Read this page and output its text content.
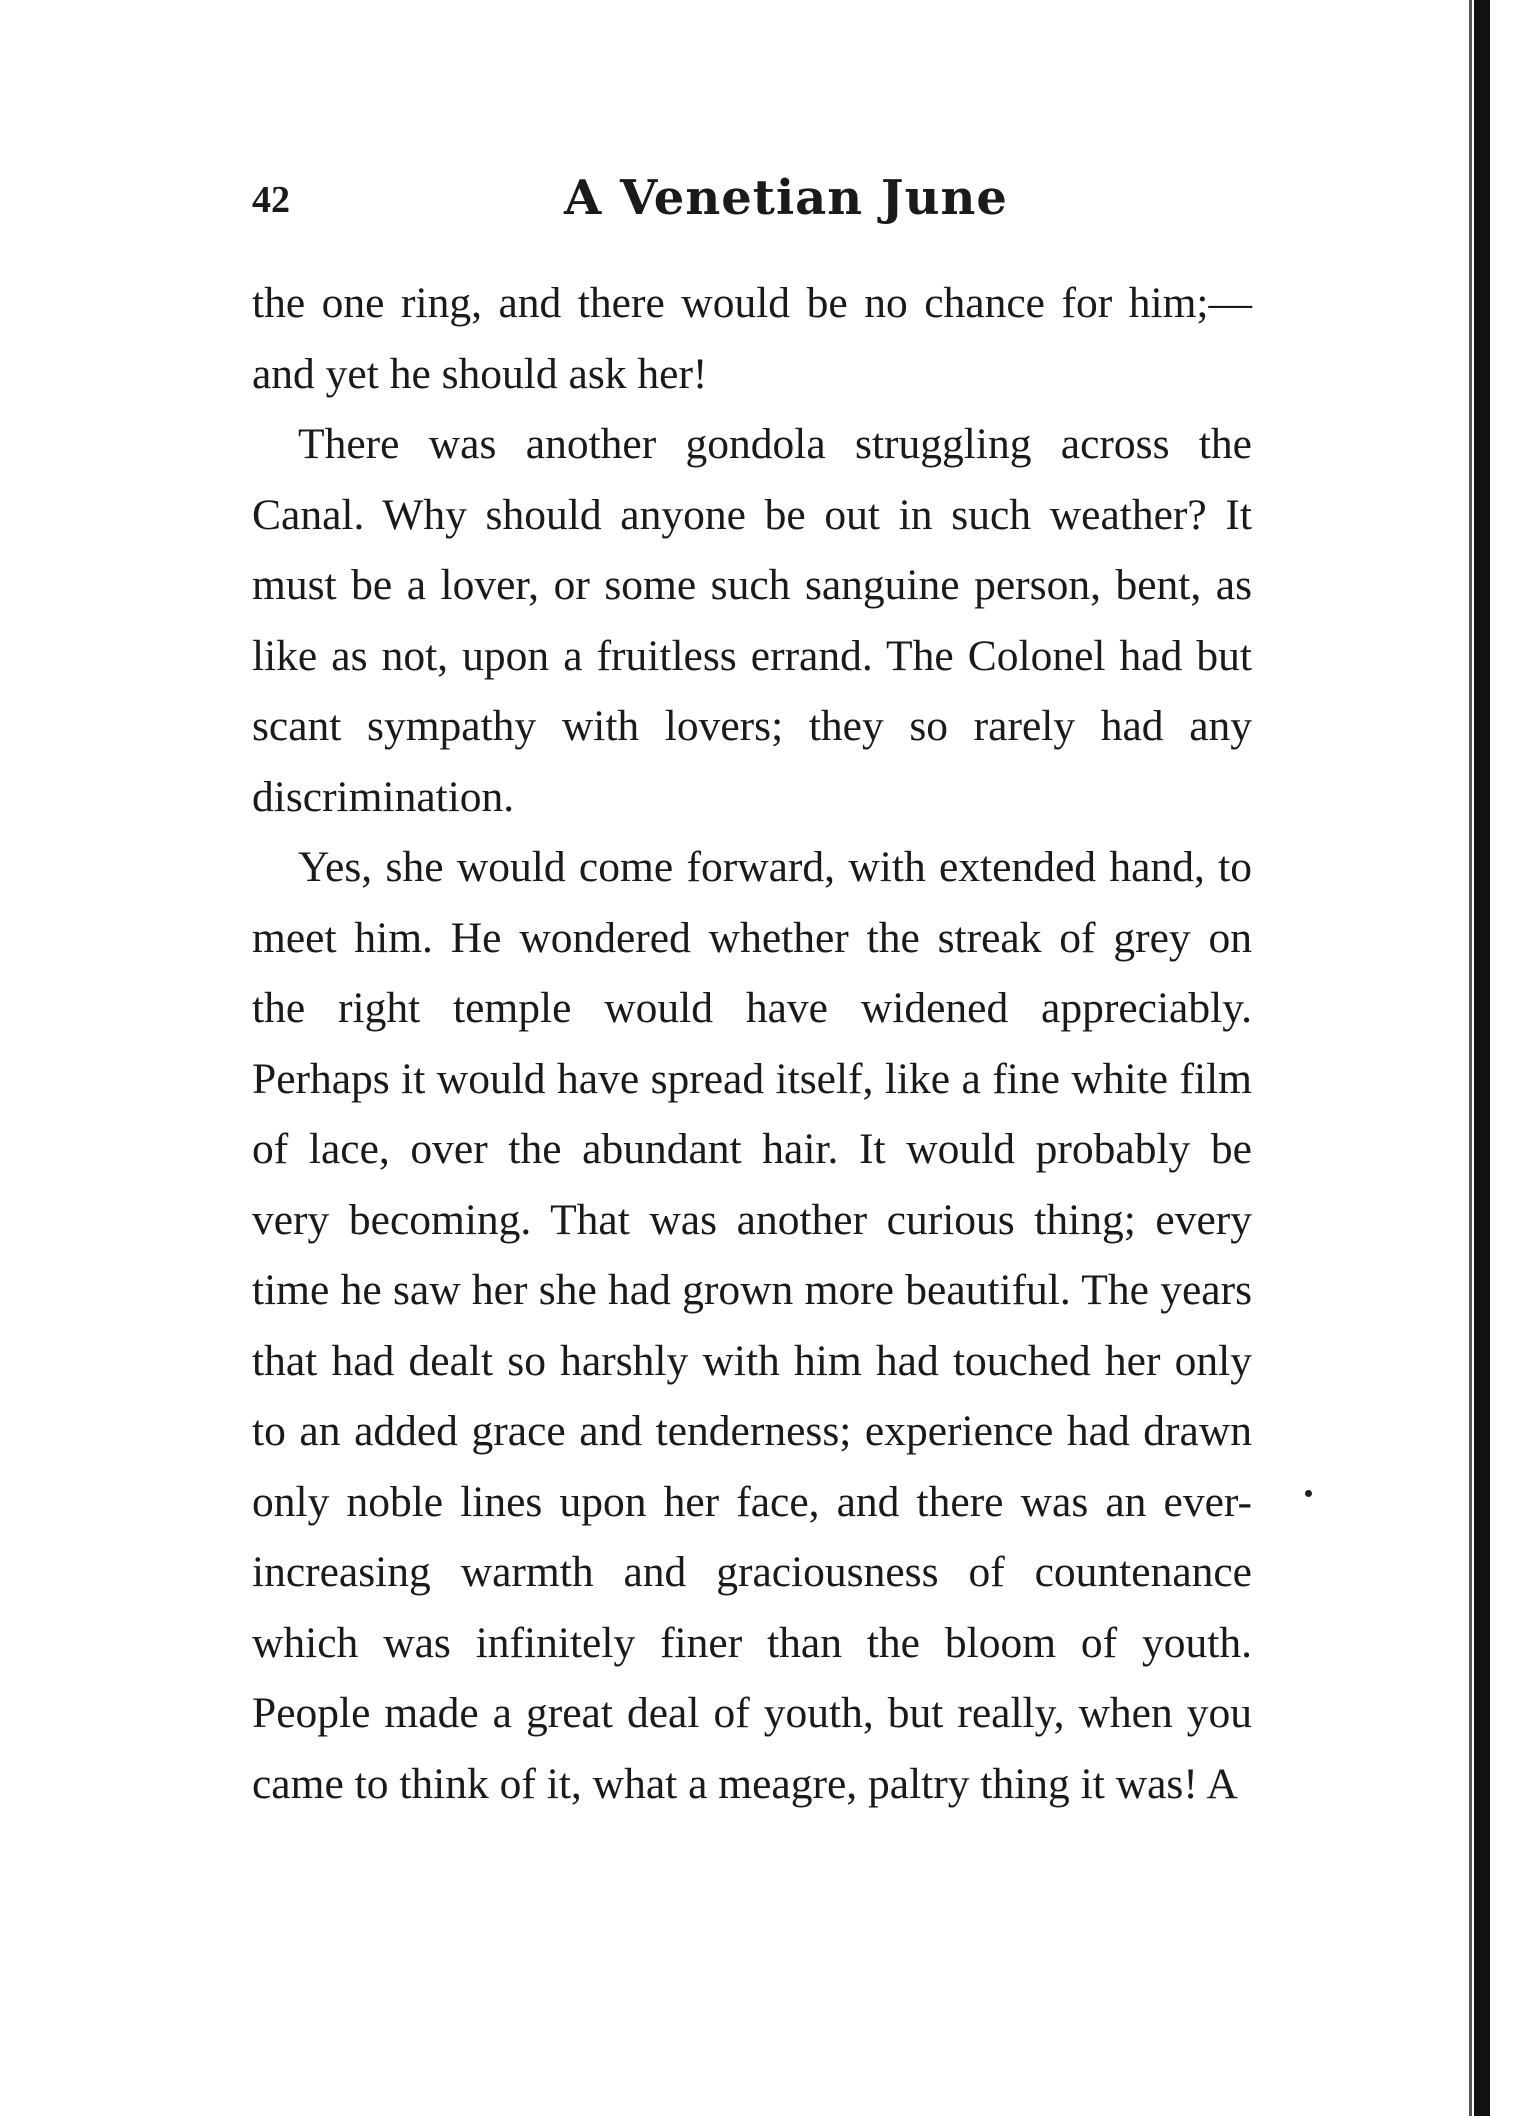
42	A Venetian June

the one ring, and there would be no chance for him;—and yet he should ask her!

There was another gondola struggling across the Canal. Why should anyone be out in such weather? It must be a lover, or some such sanguine person, bent, as like as not, upon a fruitless errand. The Colonel had but scant sympathy with lovers; they so rarely had any discrimination.

Yes, she would come forward, with extended hand, to meet him. He wondered whether the streak of grey on the right temple would have widened appreciably. Perhaps it would have spread itself, like a fine white film of lace, over the abundant hair. It would probably be very becoming. That was another curious thing; every time he saw her she had grown more beautiful. The years that had dealt so harshly with him had touched her only to an added grace and tenderness; experience had drawn only noble lines upon her face, and there was an ever-increasing warmth and graciousness of countenance which was infinitely finer than the bloom of youth. People made a great deal of youth, but really, when you came to think of it, what a meagre, paltry thing it was! A
